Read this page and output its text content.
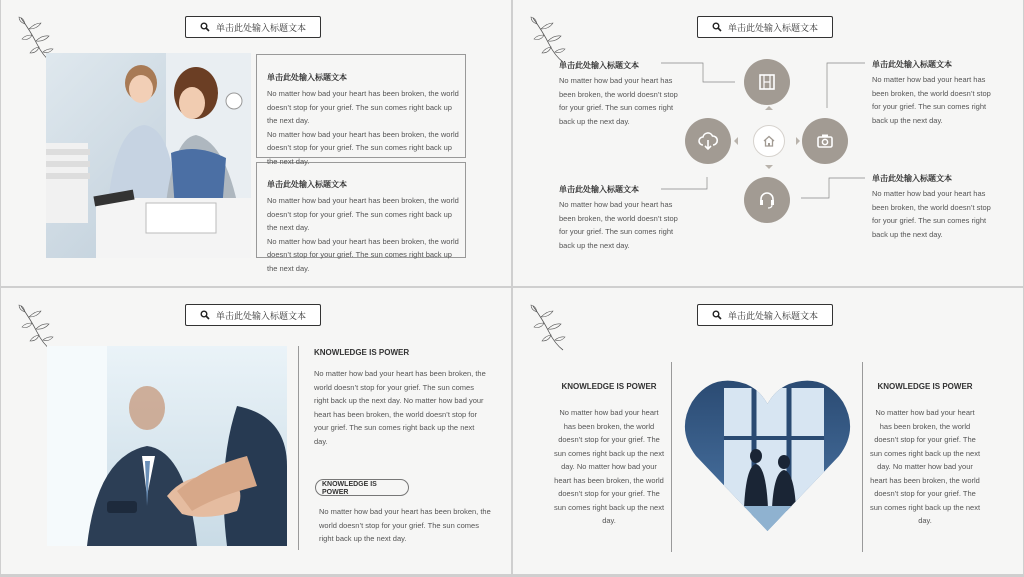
单击此处输入标题文本
单击此处输入标题文本
No matter how bad your heart has been broken, the world doesn’t stop for your grief. The sun comes right back up the next day.
No matter how bad your heart has been broken, the world doesn’t stop for your grief. The sun comes right back up the next day.
单击此处输入标题文本
No matter how bad your heart has been broken, the world doesn’t stop for your grief. The sun comes right back up the next day.
No matter how bad your heart has been broken, the world doesn’t stop for your grief. The sun comes right back up the next day.
单击此处输入标题文本
单击此处输入标题文本
No matter how bad your heart has been broken, the world doesn’t stop for your grief. The sun comes right back up the next day.
单击此处输入标题文本
No matter how bad your heart has been broken, the world doesn’t stop for your grief. The sun comes right back up the next day.
单击此处输入标题文本
No matter how bad your heart has been broken, the world doesn’t stop for your grief. The sun comes right back up the next day.
单击此处输入标题文本
No matter how bad your heart has been broken, the world doesn’t stop for your grief. The sun comes right back up the next day.
单击此处输入标题文本
KNOWLEDGE IS POWER
No matter how bad your heart has been broken, the world doesn’t stop for your grief. The sun comes right back up the next day. No matter how bad your heart has been broken, the world doesn’t stop for your grief. The sun comes right back up the next day.
KNOWLEDGE IS POWER
No matter how bad your heart has been broken, the world doesn’t stop for your grief. The sun comes right back up the next day.
单击此处输入标题文本
KNOWLEDGE IS POWER
No matter how bad your heart has been broken, the world doesn’t stop for your grief. The sun comes right back up the next day. No matter how bad your heart has been broken, the world doesn’t stop for your grief. The sun comes right back up the next day.
KNOWLEDGE IS POWER
No matter how bad your heart has been broken, the world doesn’t stop for your grief. The sun comes right back up the next day. No matter how bad your heart has been broken, the world doesn’t stop for your grief. The sun comes right back up the next day.
